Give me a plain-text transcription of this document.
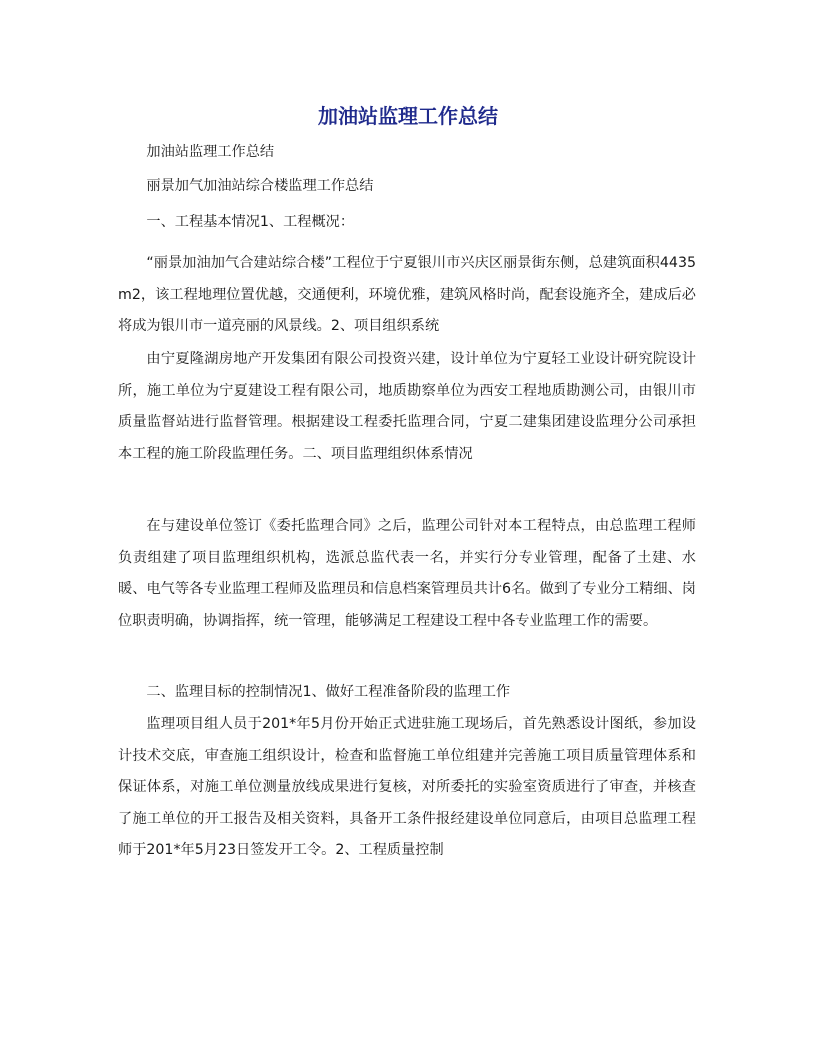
加油站监理工作总结

加油站监理工作总结

丽景加气加油站综合楼监理工作总结

一、工程基本情况1、工程概况：

“丽景加油加气合建站综合楼”工程位于宁夏银川市兴庆区丽景街东侧，总建筑面积4435m2，该工程地理位置优越，交通便利，环境优雅，建筑风格时尚，配套设施齐全，建成后必将成为银川市一道亮丽的风景线。2、项目组织系统

由宁夏隆湖房地产开发集团有限公司投资兴建，设计单位为宁夏轻工业设计研究院设计所，施工单位为宁夏建设工程有限公司，地质勘察单位为西安工程地质勘测公司，由银川市质量监督站进行监督管理。根据建设工程委托监理合同，宁夏二建集团建设监理分公司承担本工程的施工阶段监理任务。二、项目监理组织体系情况

在与建设单位签订《委托监理合同》之后，监理公司针对本工程特点，由总监理工程师负责组建了项目监理组织机构，选派总监代表一名，并实行分专业管理，配备了土建、水暖、电气等各专业监理工程师及监理员和信息档案管理员共计6名。做到了专业分工精细、岗位职责明确，协调指挥，统一管理，能够满足工程建设工程中各专业监理工作的需要。

二、监理目标的控制情况1、做好工程准备阶段的监理工作

监理项目组人员于201*年5月份开始正式进驻施工现场后，首先熟悉设计图纸，参加设计技术交底，审查施工组织设计，检查和监督施工单位组建并完善施工项目质量管理体系和保证体系，对施工单位测量放线成果进行复核，对所委托的实验室资质进行了审查，并核查了施工单位的开工报告及相关资料，具备开工条件报经建设单位同意后，由项目总监理工程师于201*年5月23日签发开工令。2、工程质量控制
